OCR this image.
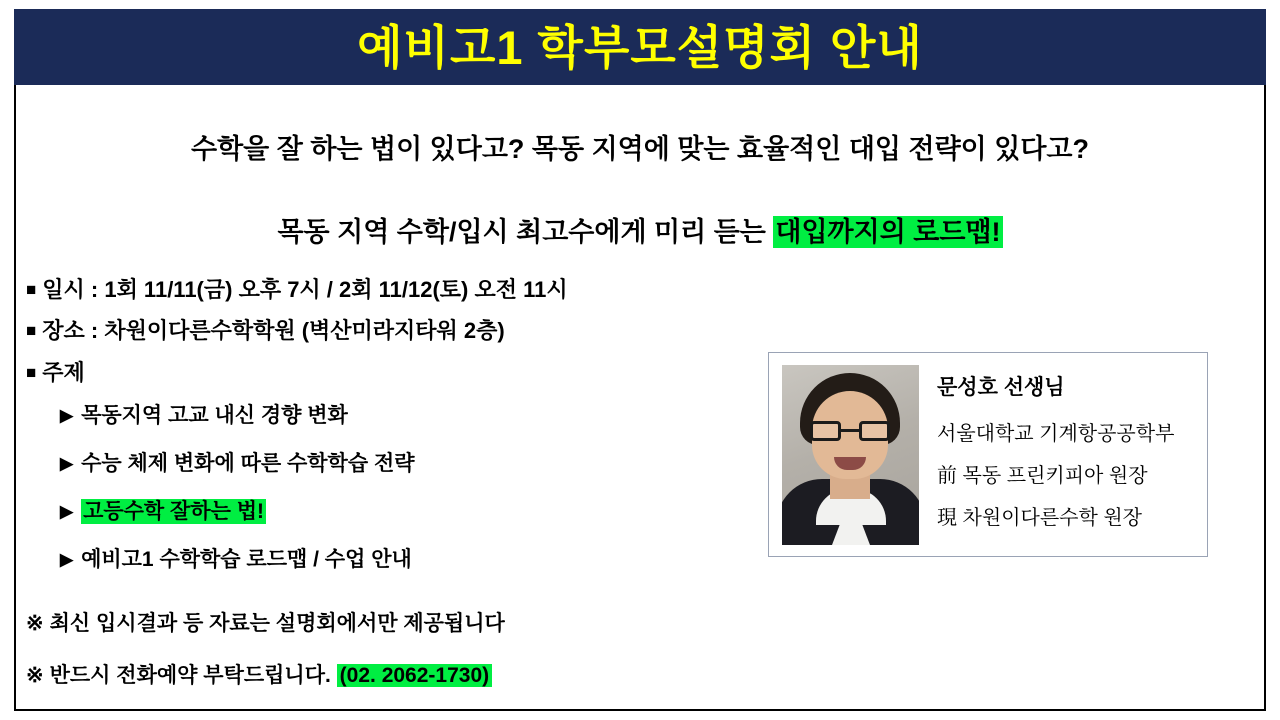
예비고1 학부모설명회 안내
수학을 잘 하는 법이 있다고? 목동 지역에 맞는 효율적인 대입 전략이 있다고?
목동 지역 수학/입시 최고수에게 미리 듣는 대입까지의 로드맵!
■ 일시 : 1회 11/11(금) 오후 7시 / 2회 11/12(토) 오전 11시
■ 장소 : 차원이다른수학학원 (벽산미라지타워 2층)
■ 주제
▶ 목동지역 고교 내신 경향 변화
▶ 수능 체제 변화에 따른 수학학습 전략
▶ 고등수학 잘하는 법!
▶ 예비고1 수학학습 로드맵 / 수업 안내
※ 최신 입시결과 등 자료는 설명회에서만 제공됩니다
※ 반드시 전화예약 부탁드립니다. (02. 2062-1730)
문성호 선생님
서울대학교 기계항공공학부
前 목동 프린키피아 원장
現 차원이다른수학 원장
